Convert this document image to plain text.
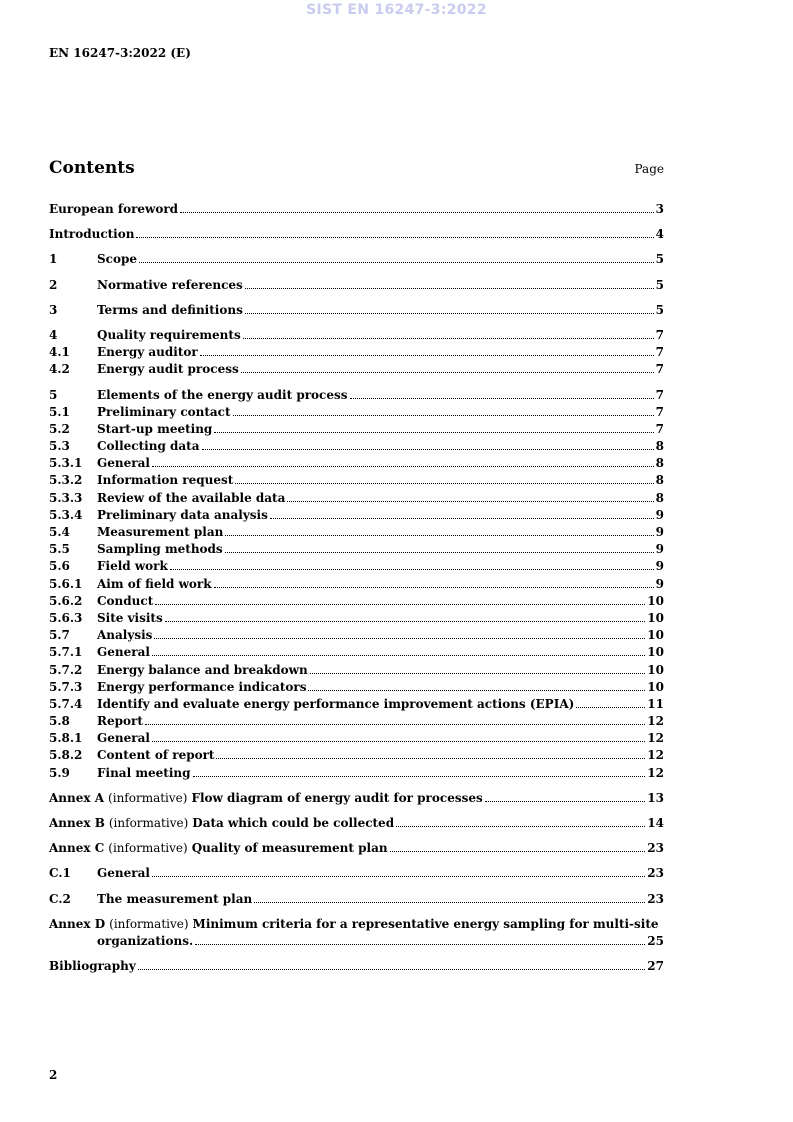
SIST EN 16247-3:2022
EN 16247-3:2022 (E)
Contents	Page
European foreword	3
Introduction	4
1	Scope	5
2	Normative references	5
3	Terms and definitions	5
4	Quality requirements	7
4.1	Energy auditor	7
4.2	Energy audit process	7
5	Elements of the energy audit process	7
5.1	Preliminary contact	7
5.2	Start-up meeting	7
5.3	Collecting data	8
5.3.1	General	8
5.3.2	Information request	8
5.3.3	Review of the available data	8
5.3.4	Preliminary data analysis	9
5.4	Measurement plan	9
5.5	Sampling methods	9
5.6	Field work	9
5.6.1	Aim of field work	9
5.6.2	Conduct	10
5.6.3	Site visits	10
5.7	Analysis	10
5.7.1	General	10
5.7.2	Energy balance and breakdown	10
5.7.3	Energy performance indicators	10
5.7.4	Identify and evaluate energy performance improvement actions (EPIA)	11
5.8	Report	12
5.8.1	General	12
5.8.2	Content of report	12
5.9	Final meeting	12
Annex A (informative) Flow diagram of energy audit for processes	13
Annex B (informative) Data which could be collected	14
Annex C (informative) Quality of measurement plan	23
C.1	General	23
C.2	The measurement plan	23
Annex D (informative) Minimum criteria for a representative energy sampling for multi-site
organizations.	25
Bibliography	27
2
